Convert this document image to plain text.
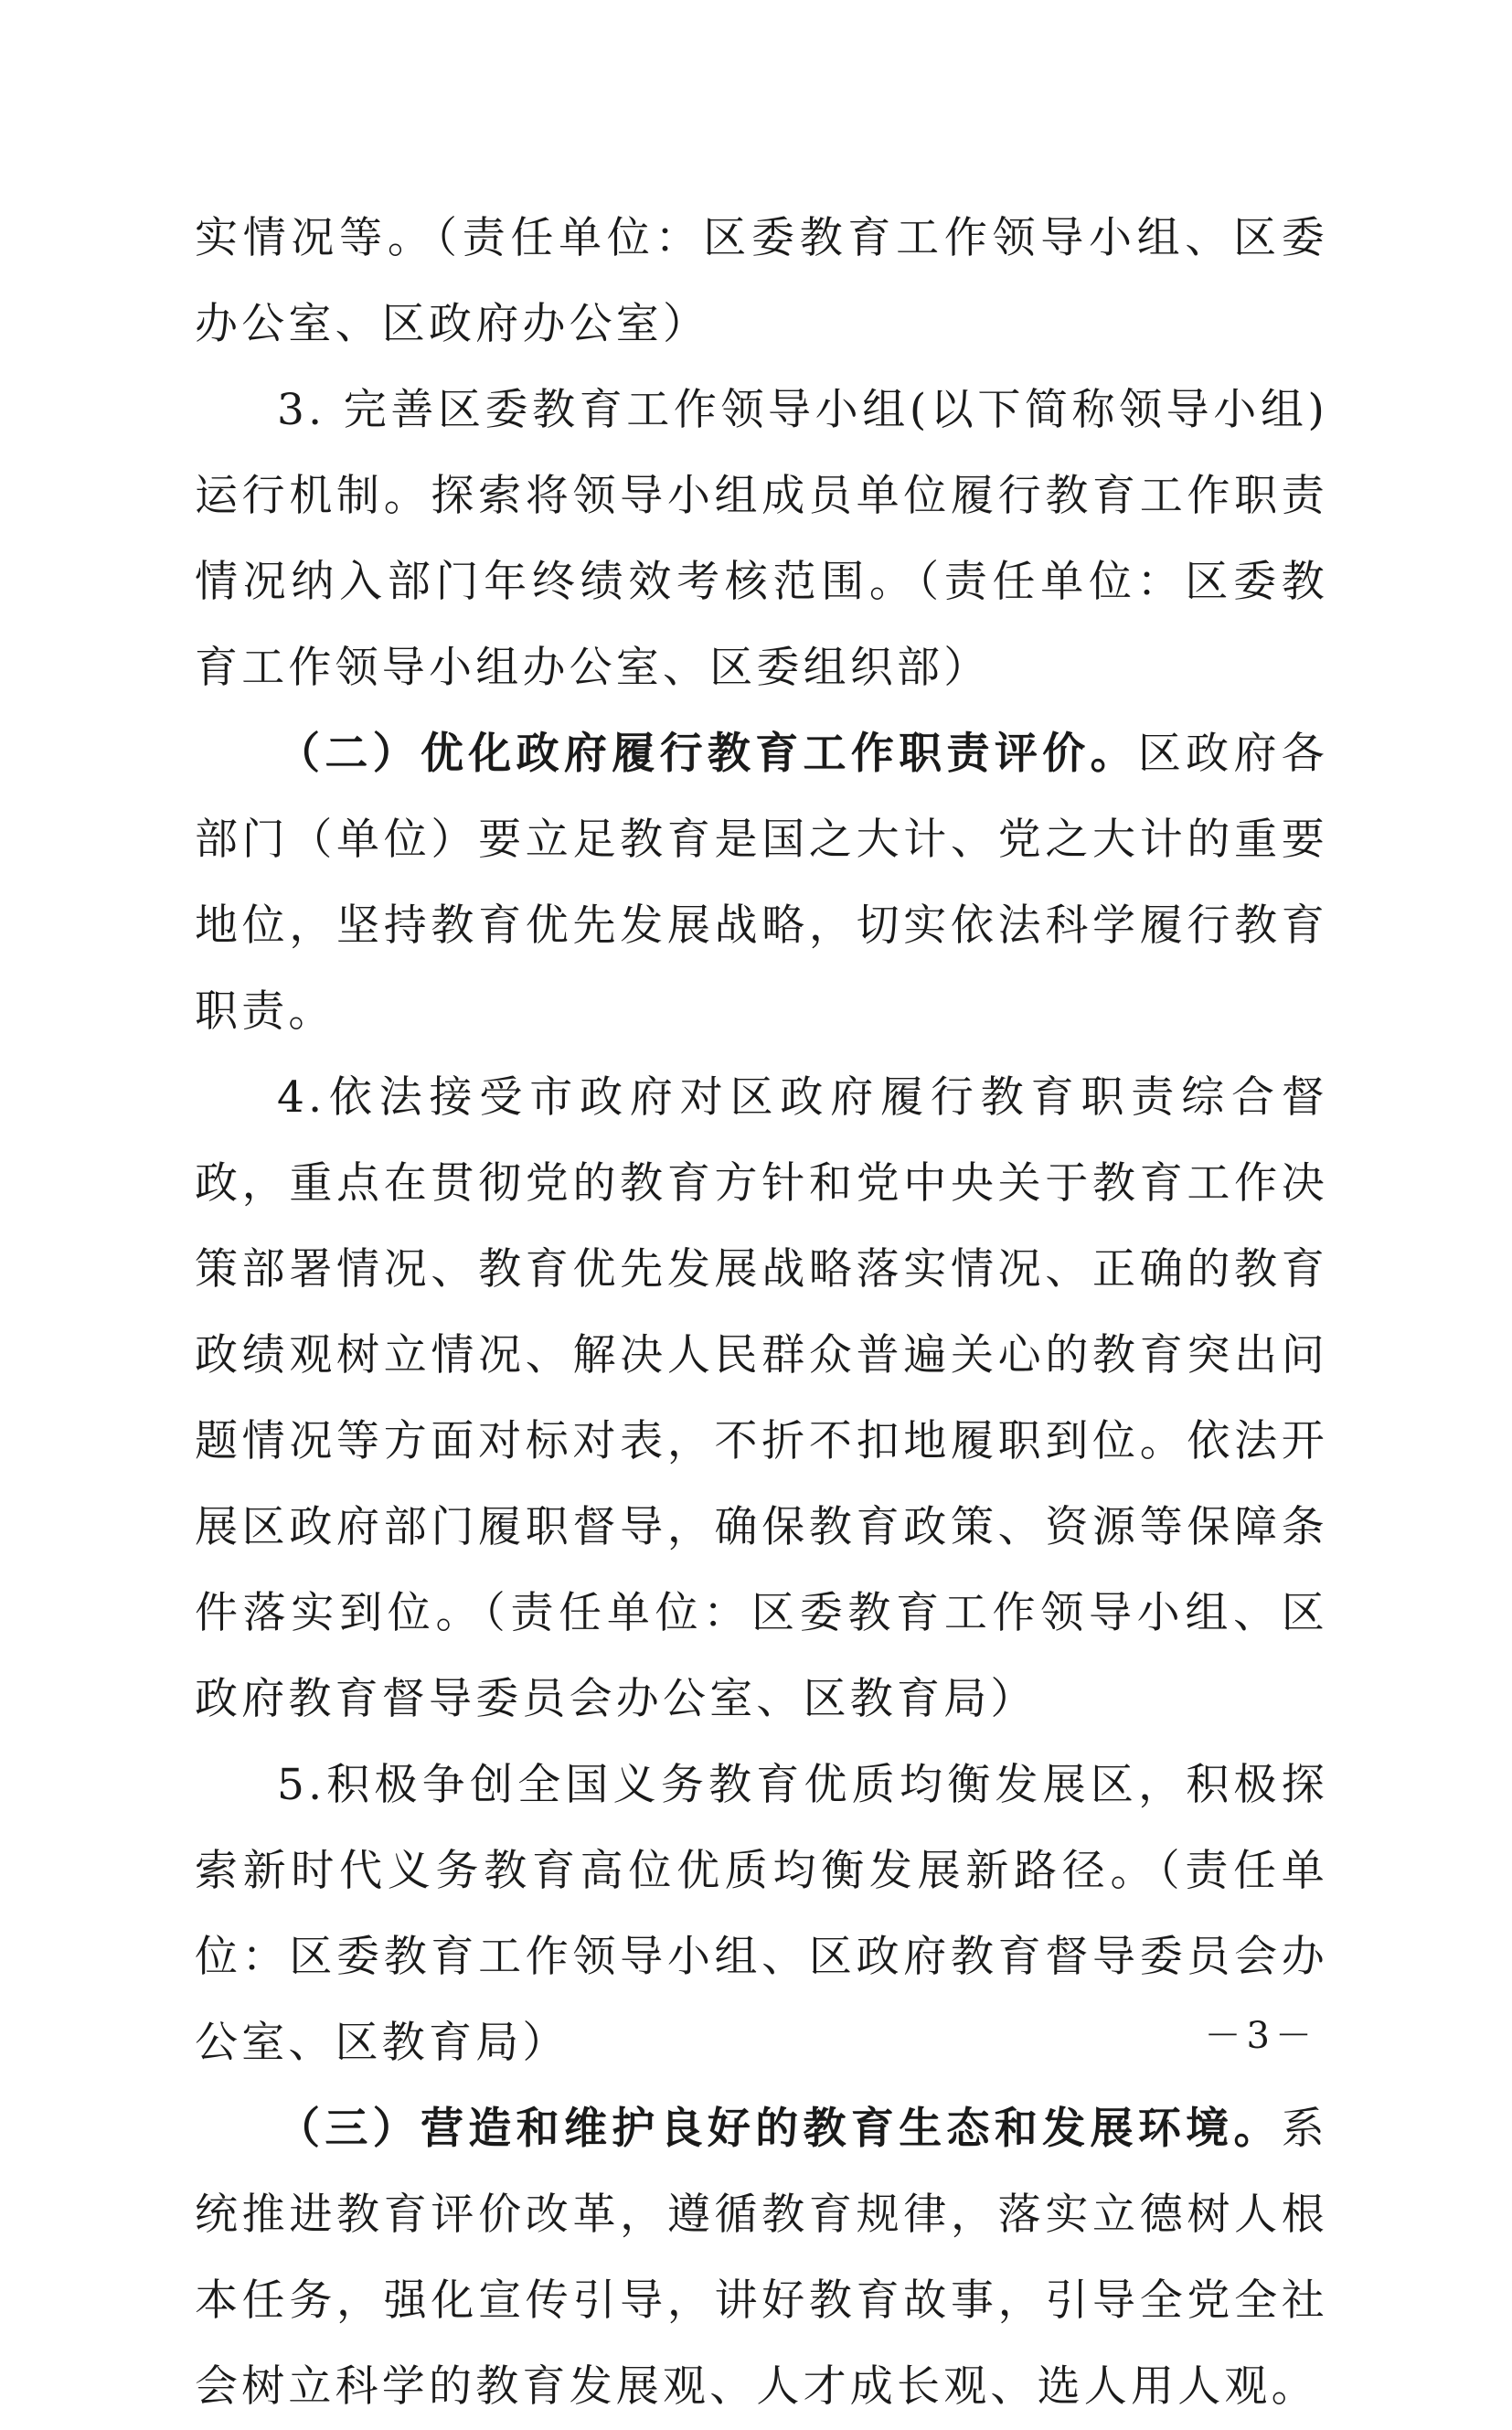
实情况等。（责任单位：区委教育工作领导小组、区委办公室、区政府办公室）

3. 完善区委教育工作领导小组(以下简称领导小组)运行机制。探索将领导小组成员单位履行教育工作职责情况纳入部门年终绩效考核范围。（责任单位：区委教育工作领导小组办公室、区委组织部）

（二）优化政府履行教育工作职责评价。区政府各部门（单位）要立足教育是国之大计、党之大计的重要地位，坚持教育优先发展战略，切实依法科学履行教育职责。

4.依法接受市政府对区政府履行教育职责综合督政，重点在贯彻党的教育方针和党中央关于教育工作决策部署情况、教育优先发展战略落实情况、正确的教育政绩观树立情况、解决人民群众普遍关心的教育突出问题情况等方面对标对表，不折不扣地履职到位。依法开展区政府部门履职督导，确保教育政策、资源等保障条件落实到位。（责任单位：区委教育工作领导小组、区政府教育督导委员会办公室、区教育局）

5.积极争创全国义务教育优质均衡发展区，积极探索新时代义务教育高位优质均衡发展新路径。（责任单位：区委教育工作领导小组、区政府教育督导委员会办公室、区教育局）

（三）营造和维护良好的教育生态和发展环境。系统推进教育评价改革，遵循教育规律，落实立德树人根本任务，强化宣传引导，讲好教育故事，引导全党全社会树立科学的教育发展观、人才成长观、选人用人观。

－3－
